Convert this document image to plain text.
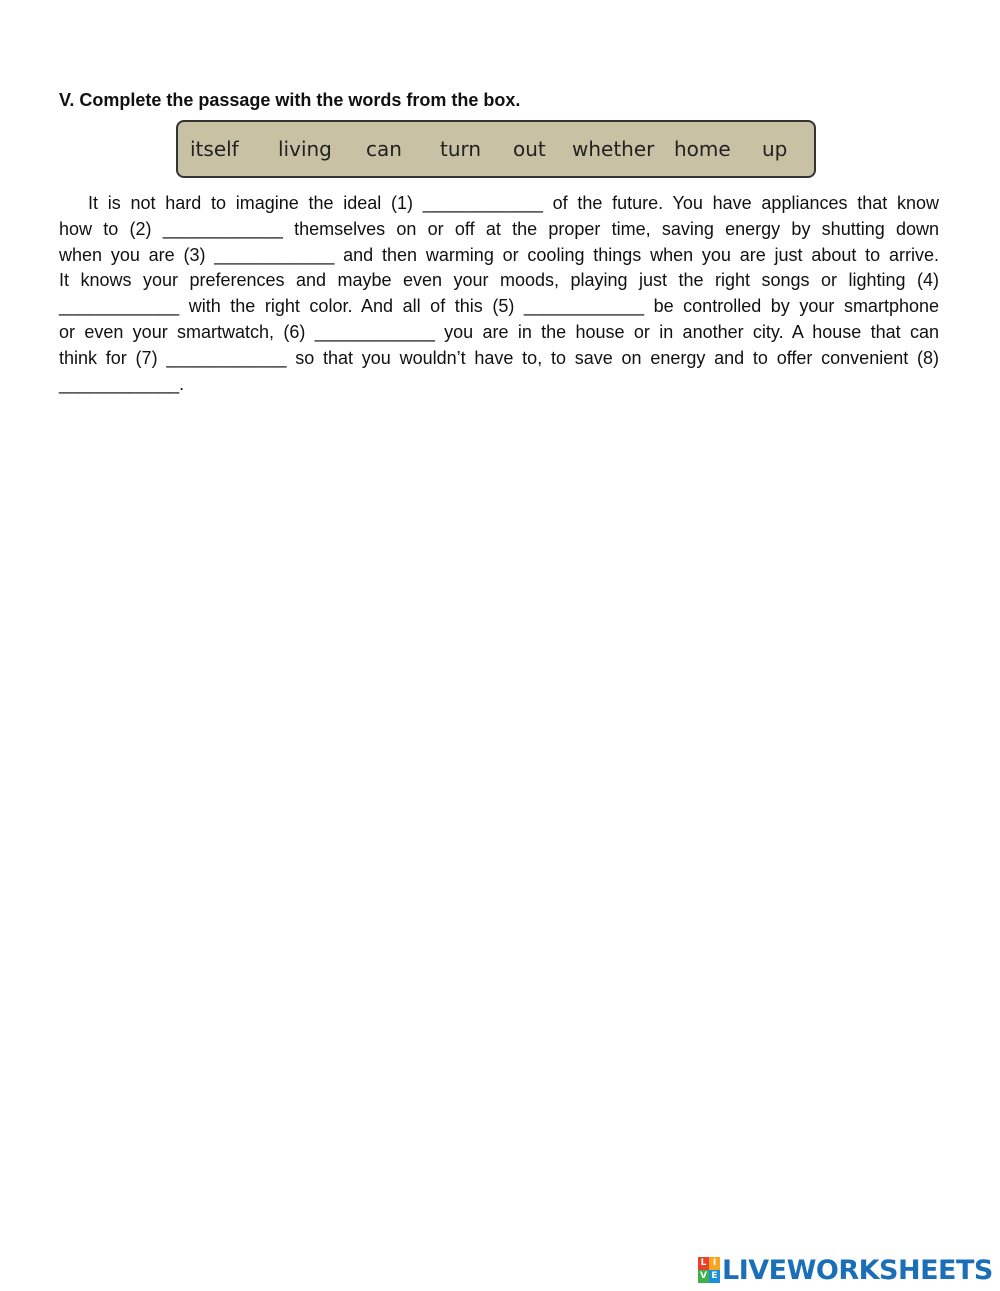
V. Complete the passage with the words from the box.
itself living can turn out whether home up

It is not hard to imagine the ideal (1) ____________ of the future. You have appliances that know
how to (2) ____________ themselves on or off at the proper time, saving energy by shutting down
when you are (3) ____________ and then warming or cooling things when you are just about to arrive.
It knows your preferences and maybe even your moods, playing just the right songs or lighting (4)
____________ with the right color. And all of this (5) ____________ be controlled by your smartphone
or even your smartwatch, (6) ____________ you are in the house or in another city. A house that can
think for (7) ____________ so that you wouldn’t have to, to save on energy and to offer convenient (8)
____________.

L I
V E LIVEWORKSHEETS
